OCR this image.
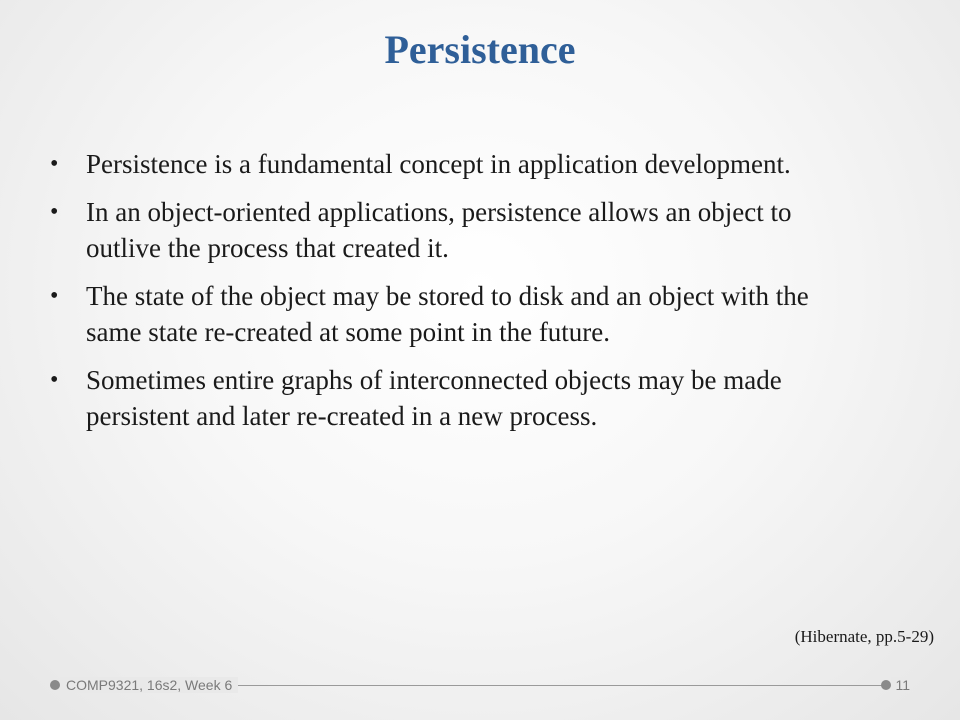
Persistence
• Persistence is a fundamental concept in application development.
• In an object-oriented applications, persistence allows an object to outlive the process that created it.
• The state of the object may be stored to disk and an object with the same state re-created at some point in the future.
• Sometimes entire graphs of interconnected objects may be made persistent and later re-created in a new process.
(Hibernate, pp.5-29)
COMP9321, 16s2, Week 6	11
